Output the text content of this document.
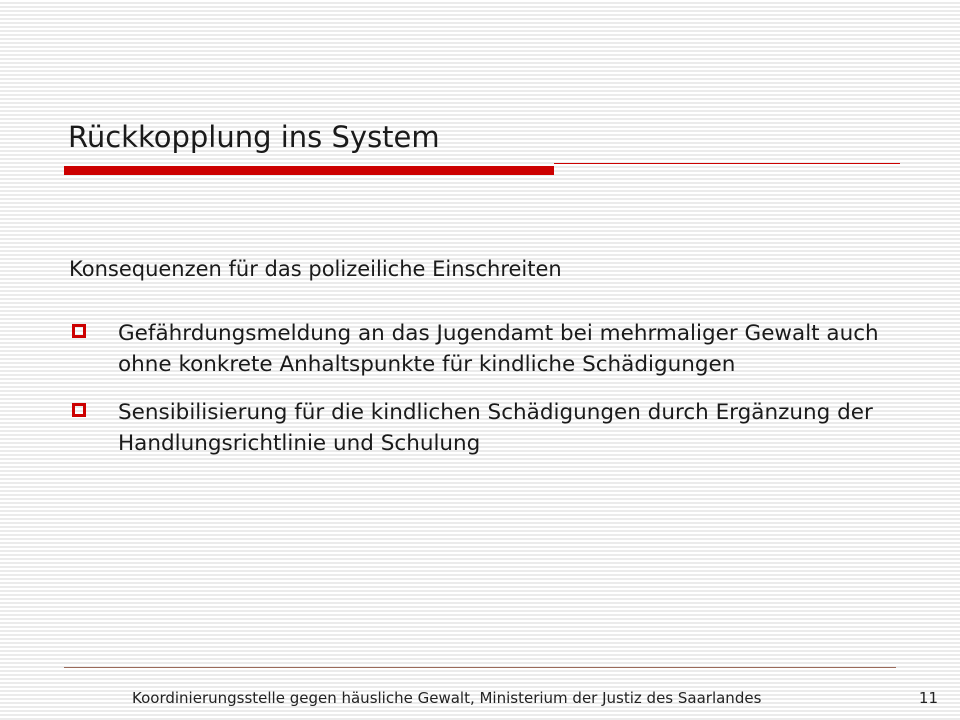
Rückkopplung ins System
Konsequenzen für das polizeiliche Einschreiten
Gefährdungsmeldung an das Jugendamt bei mehrmaliger Gewalt auch ohne konkrete Anhaltspunkte für kindliche Schädigungen
Sensibilisierung für die kindlichen Schädigungen durch Ergänzung der Handlungsrichtlinie und Schulung
Koordinierungsstelle gegen häusliche Gewalt, Ministerium der Justiz des Saarlandes	11
